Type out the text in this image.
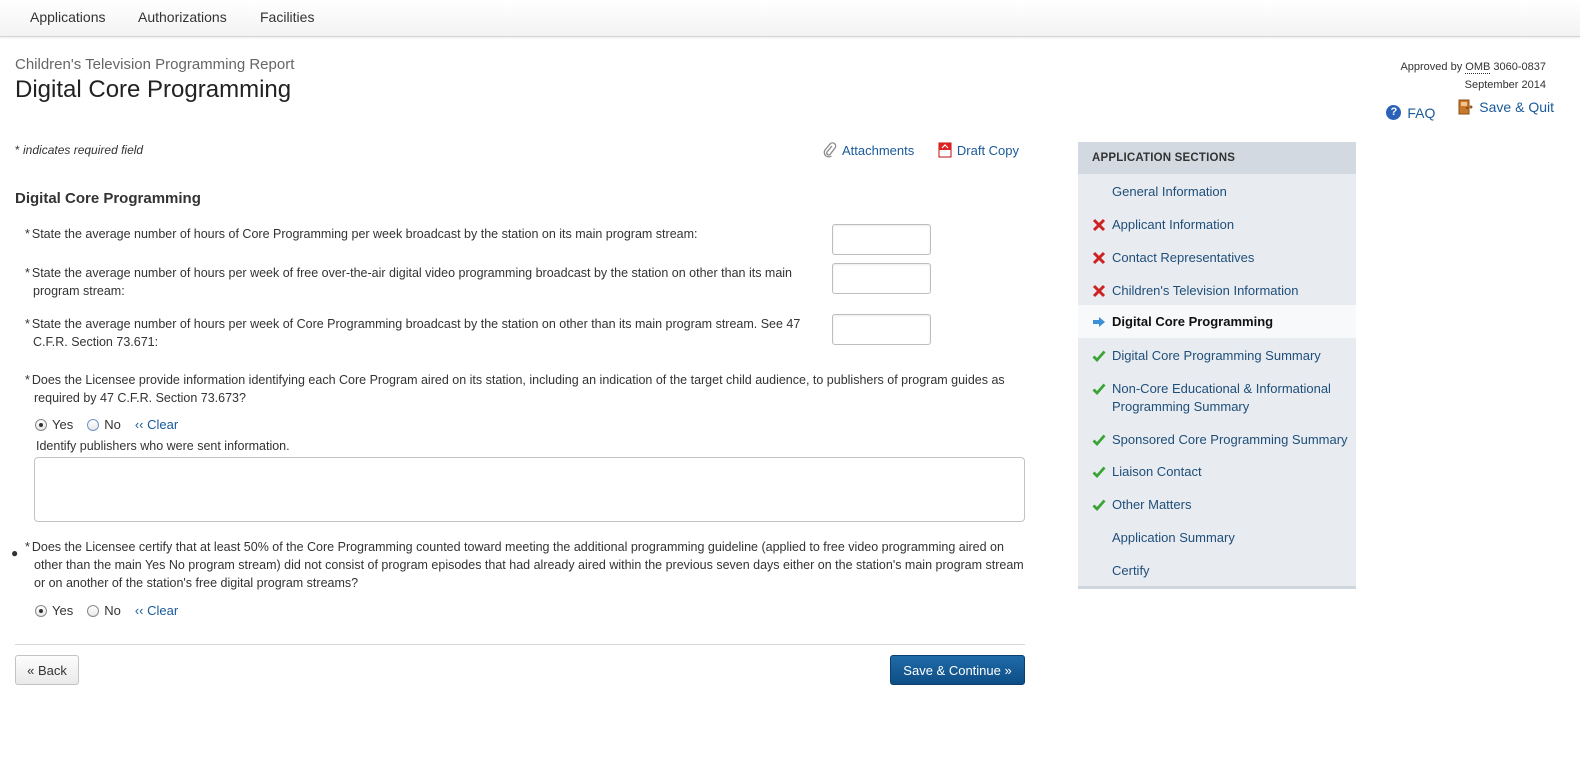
Applications Authorizations Facilities
Children's Television Programming Report
Digital Core Programming
Approved by OMB 3060-0837
September 2014
? FAQ
	Save & Quit
* indicates required field	Attachments
	Draft Copy
Digital Core Programming
* State the average number of hours of Core Programming per week broadcast by the station on its main program stream:
* State the average number of hours per week of free over-the-air digital video programming broadcast by the station on other than its main program stream:
* State the average number of hours per week of Core Programming broadcast by the station on other than its main program stream. See 47 C.F.R. Section 73.671:
* Does the Licensee provide information identifying each Core Program aired on its station, including an indication of the target child audience, to publishers of program guides as required by 47 C.F.R. Section 73.673?
Yes No ‹‹ Clear
Identify publishers who were sent information.
● * Does the Licensee certify that at least 50% of the Core Programming counted toward meeting the additional programming guideline (applied to free video programming aired on other than the main Yes No program stream) did not consist of program episodes that had already aired within the previous seven days either on the station's main program stream or on another of the station's free digital program streams?
Yes No ‹‹ Clear
« Back	Save & Continue »
APPLICATION SECTIONS
General Information
Applicant Information
Contact Representatives
Children's Television Information
Digital Core Programming
Digital Core Programming Summary
Non-Core Educational & Informational Programming Summary
Sponsored Core Programming Summary
Liaison Contact
Other Matters
Application Summary
Certify
